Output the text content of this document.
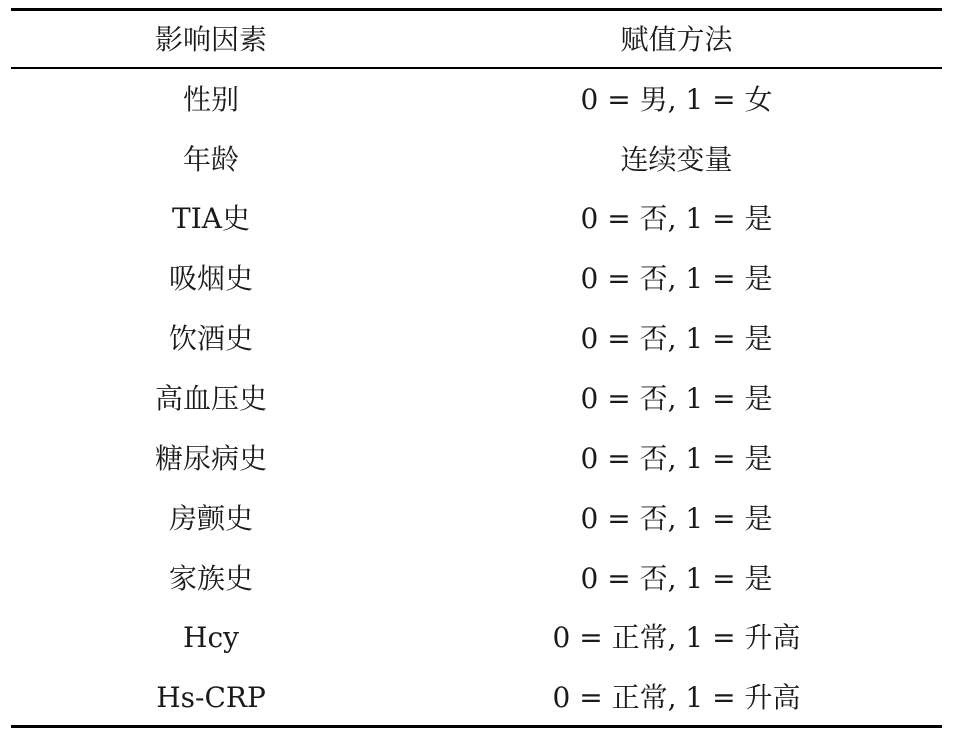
影响因素	赋值方法
性别	0 = 男, 1 = 女
年龄	连续变量
TIA史	0 = 否, 1 = 是
吸烟史	0 = 否, 1 = 是
饮酒史	0 = 否, 1 = 是
高血压史	0 = 否, 1 = 是
糖尿病史	0 = 否, 1 = 是
房颤史	0 = 否, 1 = 是
家族史	0 = 否, 1 = 是
Hcy	0 = 正常, 1 = 升高
Hs-CRP	0 = 正常, 1 = 升高
